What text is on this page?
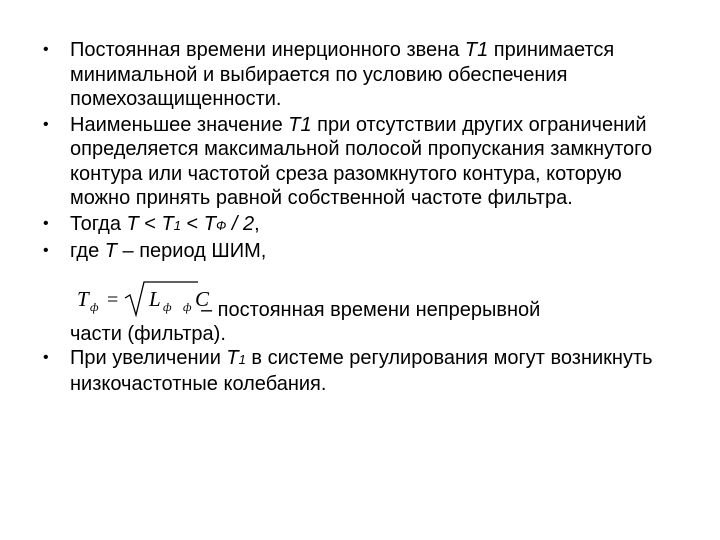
• Постоянная времени инерционного звена T1 принимается минимальной и выбирается по условию обеспечения помехозащищенности.
• Наименьшее значение T1 при отсутствии других ограничений определяется максимальной полосой пропускания замкнутого контура или частотой среза разомкнутого контура, которую можно принять равной собственной частоте фильтра.
• Тогда T < T1 < TФ / 2,
• где T – период ШИМ,
T ф = L ф ф C
– постоянная времени непрерывной
части (фильтра).
• При увеличении T1 в системе регулирования могут возникнуть низкочастотные колебания.
